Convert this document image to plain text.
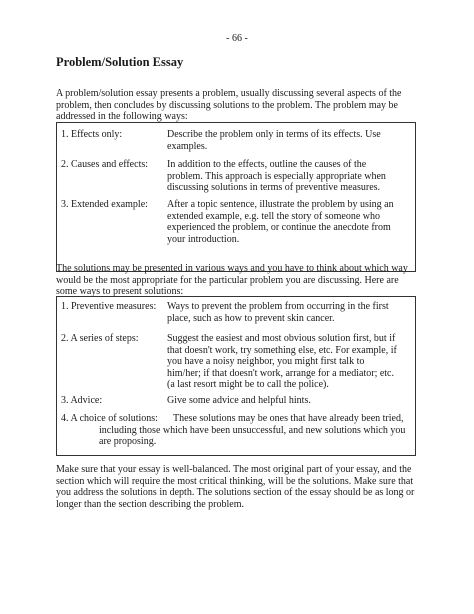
- 66 -
Problem/Solution Essay

A problem/solution essay presents a problem, usually discussing several aspects of the problem, then concludes by discussing solutions to the problem. The problem may be addressed in the following ways:

1. Effects only:	Describe the problem only in terms of its effects. Use examples.
2. Causes and effects: In addition to the effects, outline the causes of the problem. This approach is especially appropriate when discussing solutions in terms of preventive measures.
3. Extended example: After a topic sentence, illustrate the problem by using an extended example, e.g. tell the story of someone who experienced the problem, or continue the anecdote from your introduction.

The solutions may be presented in various ways and you have to think about which way would be the most appropriate for the particular problem you are discussing. Here are some ways to present solutions:

1. Preventive measures: Ways to prevent the problem from occurring in the first place, such as how to prevent skin cancer.
2. A series of steps:	Suggest the easiest and most obvious solution first, but if that doesn't work, try something else, etc. For example, if you have a noisy neighbor, you might first talk to him/her; if that doesn't work, arrange for a mediator; etc. (a last resort might be to call the police).
3. Advice:	Give some advice and helpful hints.
4. A choice of solutions: These solutions may be ones that have already been tried,
including those which have been unsuccessful, and new solutions which you are proposing.

Make sure that your essay is well-balanced. The most original part of your essay, and the section which will require the most critical thinking, will be the solutions. Make sure that you address the solutions in depth. The solutions section of the essay should be as long or longer than the section describing the problem.
